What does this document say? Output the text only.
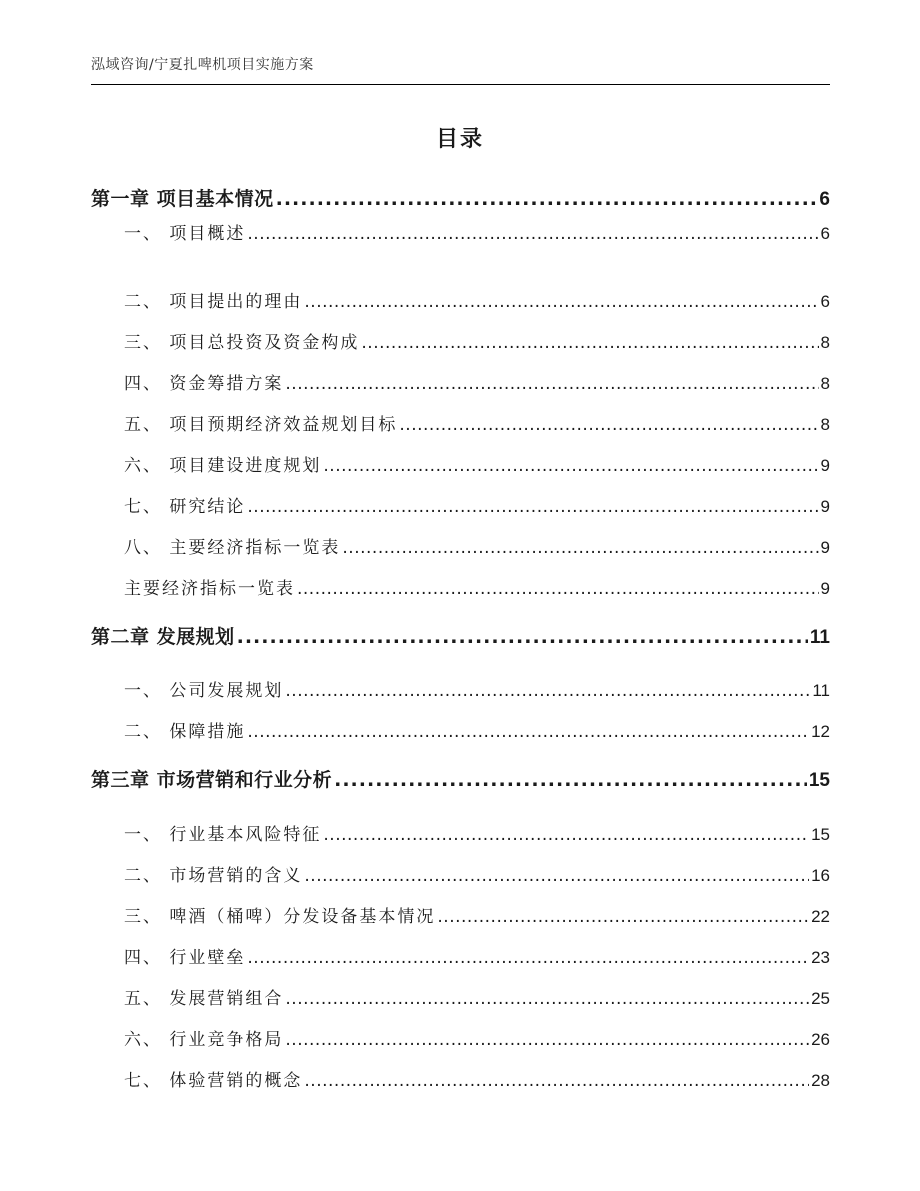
泓域咨询/宁夏扎啤机项目实施方案
目录
第一章 项目基本情况 .....	6
一、 项目概述 .....	6
二、 项目提出的理由 .....	6
三、 项目总投资及资金构成 .....	8
四、 资金筹措方案 .....	8
五、 项目预期经济效益规划目标 .....	8
六、 项目建设进度规划 .....	9
七、 研究结论 .....	9
八、 主要经济指标一览表 .....	9
主要经济指标一览表 .....	9
第二章 发展规划 .....	11
一、 公司发展规划 .....	11
二、 保障措施 .....	12
第三章 市场营销和行业分析 .....	15
一、 行业基本风险特征 .....	15
二、 市场营销的含义 .....	16
三、 啤酒（桶啤）分发设备基本情况 .....	22
四、 行业壁垒 .....	23
五、 发展营销组合 .....	25
六、 行业竞争格局 .....	26
七、 体验营销的概念 .....	28
